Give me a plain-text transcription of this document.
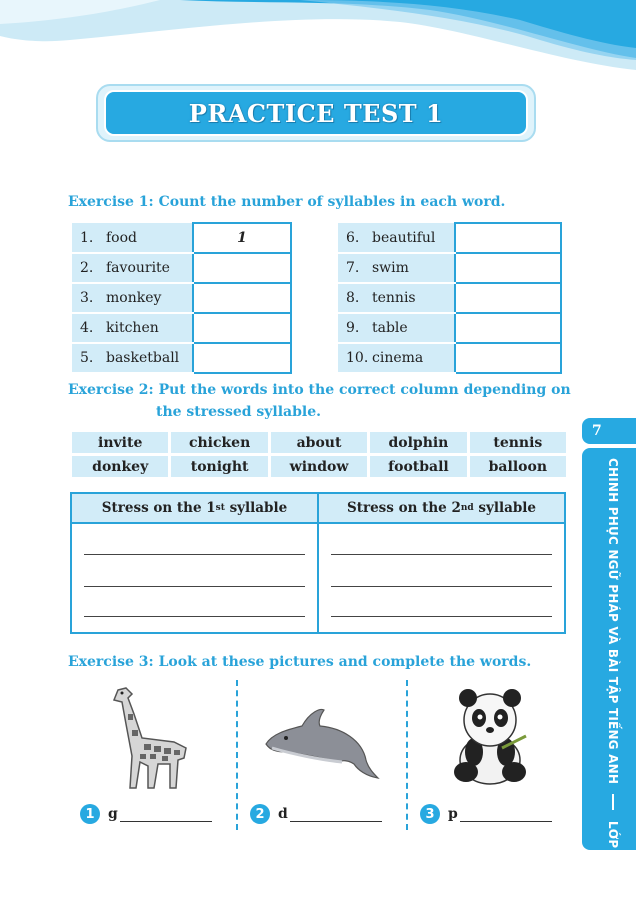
PRACTICE TEST 1
Exercise 1: Count the number of syllables in each word.
1. food	1
2. favourite	
3. monkey	
4. kitchen	
5. basketball	
6. beautiful	
7. swim	
8. tennis	
9. table	
10. cinema	
Exercise 2: Put the words into the correct column depending on
the stressed syllable.
invite	chicken	about	dolphin	tennis
donkey	tonight	window	football	balloon
Stress on the 1 st syllable	Stress on the 2 nd syllable
Exercise 3: Look at these pictures and complete the words.
1 g	2 d	3 p
7
CHINH PHỤC NGỮ PHÁP VÀ BÀI TẬP TIẾNG ANH  LỚP 5 - TẬP 1
